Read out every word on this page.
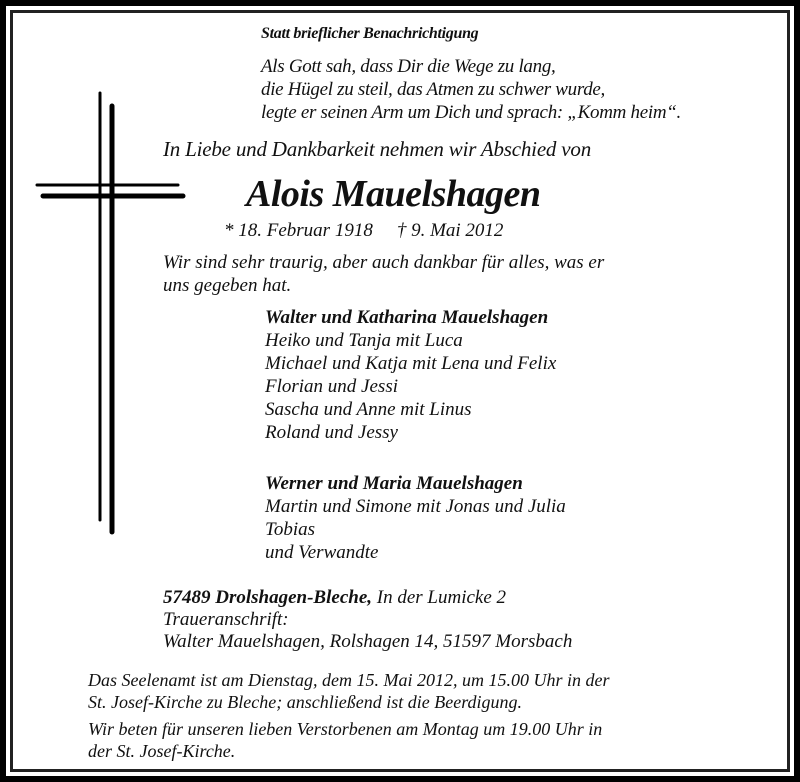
Statt brieflicher Benachrichtigung
Als Gott sah, dass Dir die Wege zu lang,
die Hügel zu steil, das Atmen zu schwer wurde,
legte er seinen Arm um Dich und sprach: „Komm heim“.
In Liebe und Dankbarkeit nehmen wir Abschied von
Alois Mauelshagen
* 18. Februar 1918 † 9. Mai 2012
Wir sind sehr traurig, aber auch dankbar für alles, was er
uns gegeben hat.
Walter und Katharina Mauelshagen
Heiko und Tanja mit Luca
Michael und Katja mit Lena und Felix
Florian und Jessi
Sascha und Anne mit Linus
Roland und Jessy
Werner und Maria Mauelshagen
Martin und Simone mit Jonas und Julia
Tobias
und Verwandte
57489 Drolshagen-Bleche, In der Lumicke 2
Traueranschrift:
Walter Mauelshagen, Rolshagen 14, 51597 Morsbach
Das Seelenamt ist am Dienstag, dem 15. Mai 2012, um 15.00 Uhr in der
St. Josef-Kirche zu Bleche; anschließend ist die Beerdigung.
Wir beten für unseren lieben Verstorbenen am Montag um 19.00 Uhr in
der St. Josef-Kirche.
